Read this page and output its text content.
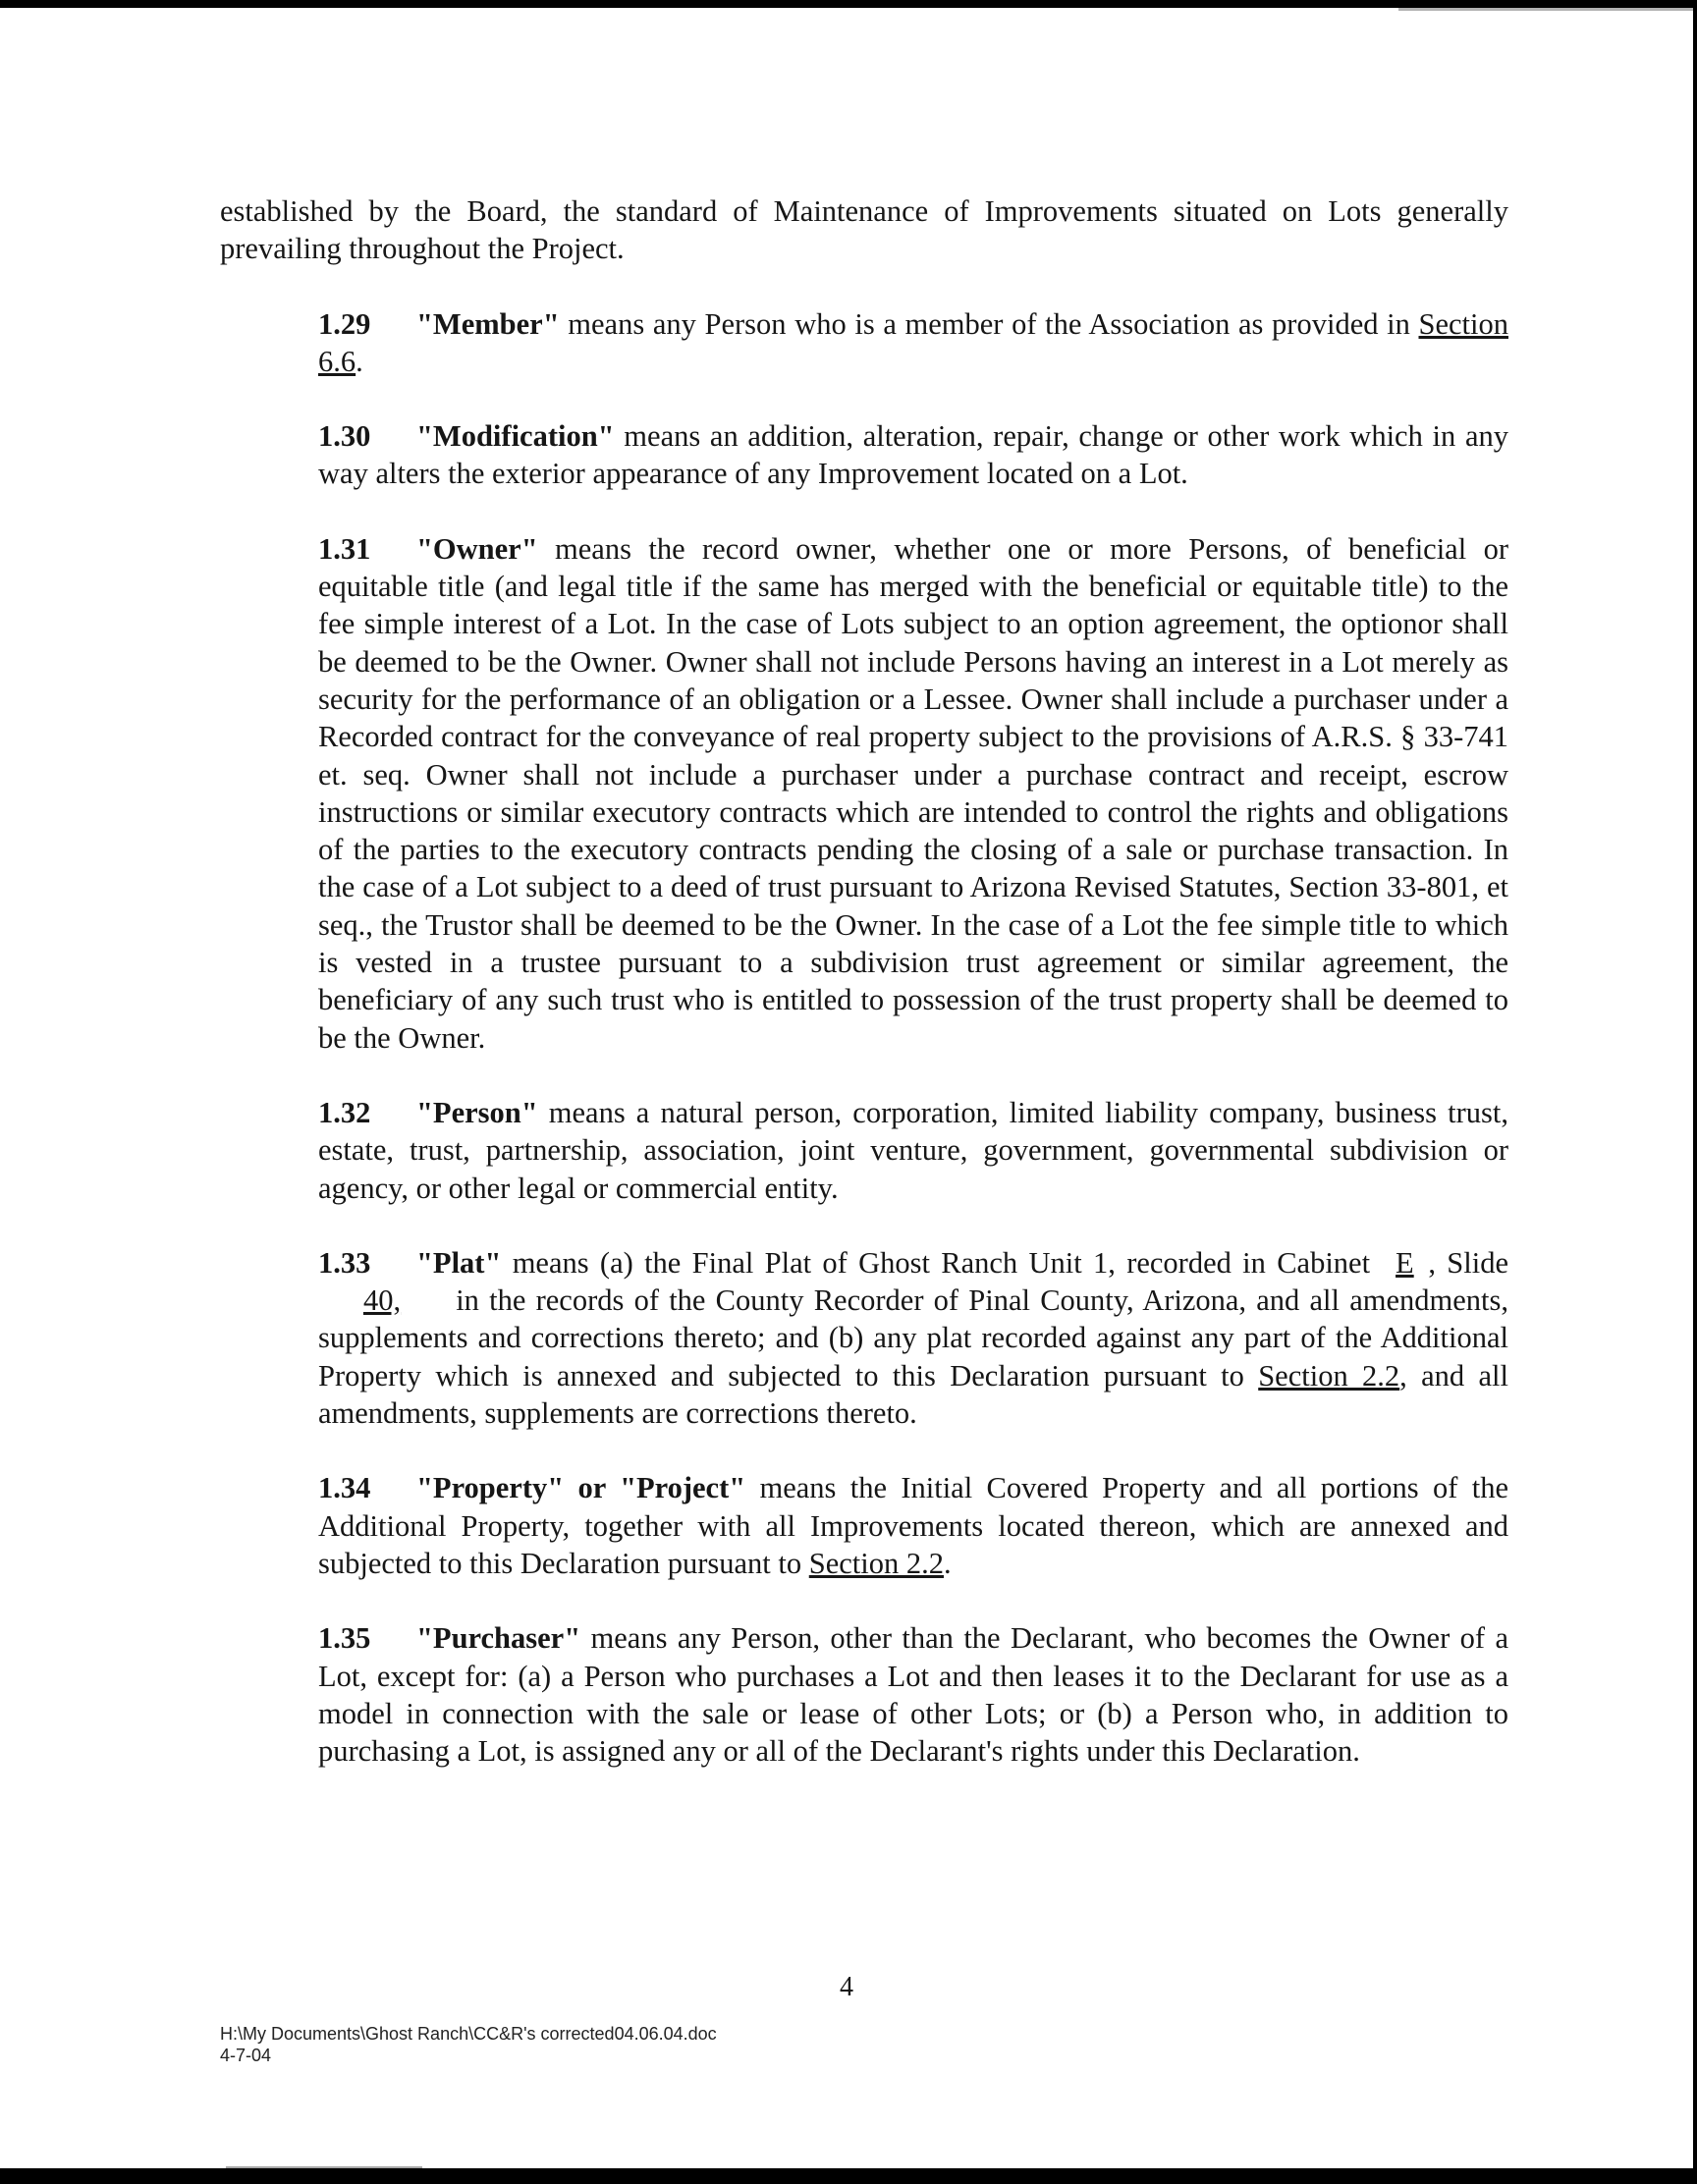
established by the Board, the standard of Maintenance of Improvements situated on Lots generally prevailing throughout the Project.

1.29 "Member" means any Person who is a member of the Association as provided in Section 6.6.

1.30 "Modification" means an addition, alteration, repair, change or other work which in any way alters the exterior appearance of any Improvement located on a Lot.

1.31 "Owner" means the record owner, whether one or more Persons, of beneficial or equitable title (and legal title if the same has merged with the beneficial or equitable title) to the fee simple interest of a Lot. In the case of Lots subject to an option agreement, the optionor shall be deemed to be the Owner. Owner shall not include Persons having an interest in a Lot merely as security for the performance of an obligation or a Lessee. Owner shall include a purchaser under a Recorded contract for the conveyance of real property subject to the provisions of A.R.S. § 33-741 et. seq. Owner shall not include a purchaser under a purchase contract and receipt, escrow instructions or similar executory contracts which are intended to control the rights and obligations of the parties to the executory contracts pending the closing of a sale or purchase transaction. In the case of a Lot subject to a deed of trust pursuant to Arizona Revised Statutes, Section 33-801, et seq., the Trustor shall be deemed to be the Owner. In the case of a Lot the fee simple title to which is vested in a trustee pursuant to a subdivision trust agreement or similar agreement, the beneficiary of any such trust who is entitled to possession of the trust property shall be deemed to be the Owner.

1.32 "Person" means a natural person, corporation, limited liability company, business trust, estate, trust, partnership, association, joint venture, government, governmental subdivision or agency, or other legal or commercial entity.

1.33 "Plat" means (a) the Final Plat of Ghost Ranch Unit 1, recorded in Cabinet E , Slide 40, in the records of the County Recorder of Pinal County, Arizona, and all amendments, supplements and corrections thereto; and (b) any plat recorded against any part of the Additional Property which is annexed and subjected to this Declaration pursuant to Section 2.2, and all amendments, supplements are corrections thereto.

1.34 "Property" or "Project" means the Initial Covered Property and all portions of the Additional Property, together with all Improvements located thereon, which are annexed and subjected to this Declaration pursuant to Section 2.2.

1.35 "Purchaser" means any Person, other than the Declarant, who becomes the Owner of a Lot, except for: (a) a Person who purchases a Lot and then leases it to the Declarant for use as a model in connection with the sale or lease of other Lots; or (b) a Person who, in addition to purchasing a Lot, is assigned any or all of the Declarant's rights under this Declaration.

4
H:\My Documents\Ghost Ranch\CC&R's corrected04.06.04.doc
4-7-04
